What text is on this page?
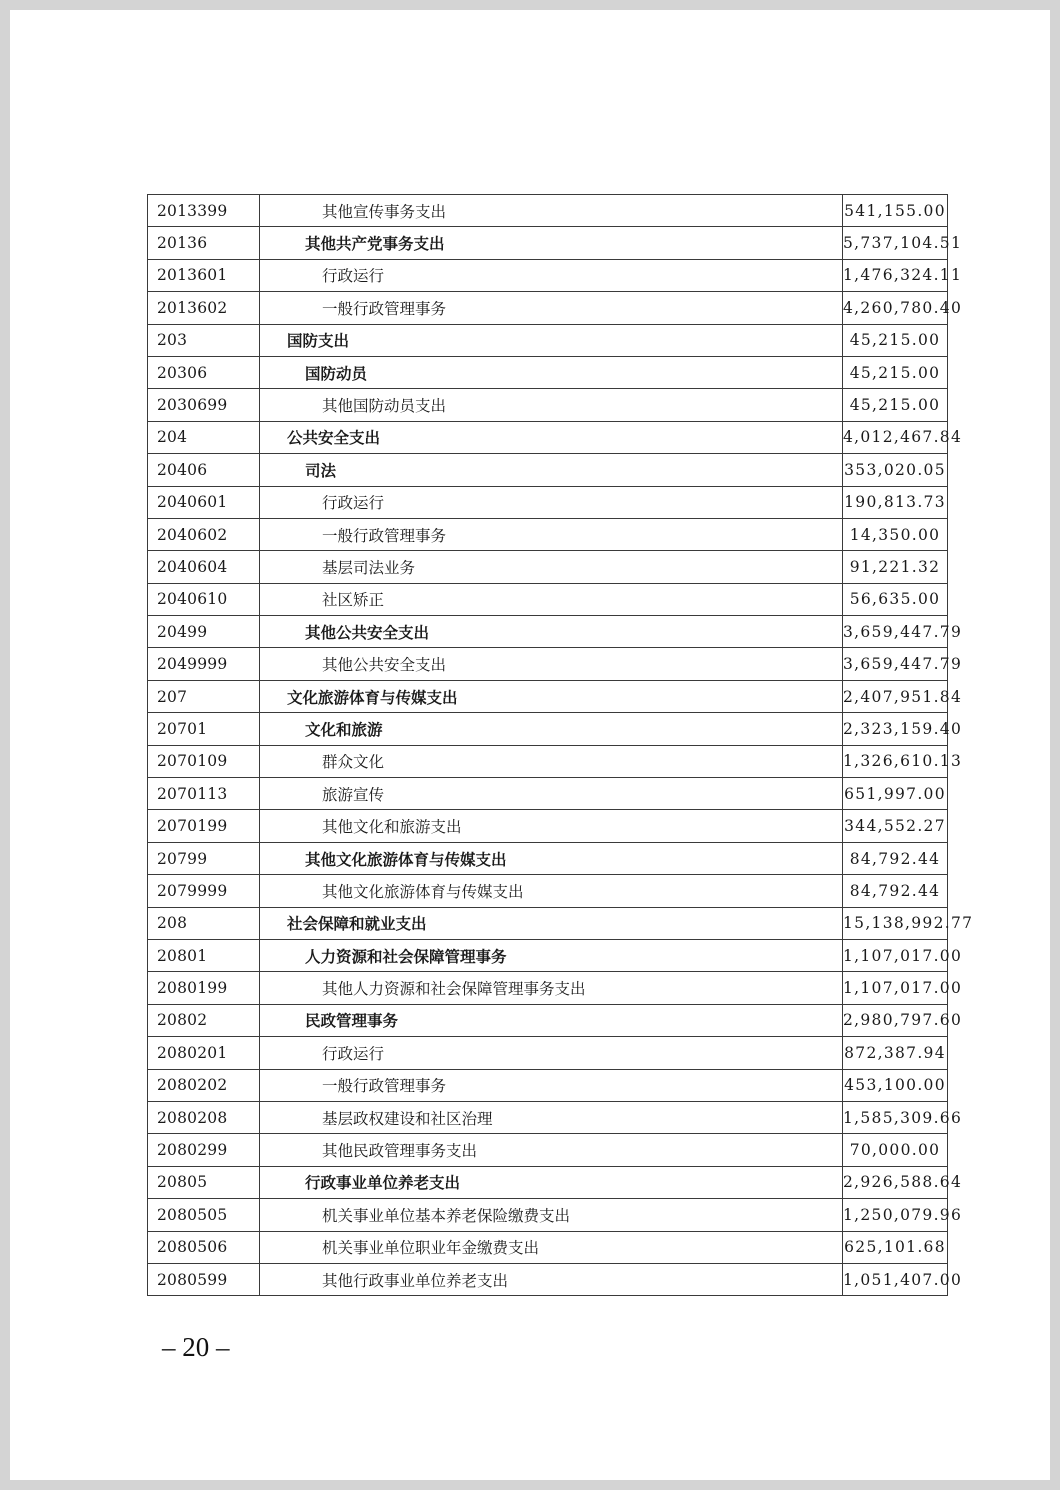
2013399	其他宣传事务支出	541,155.00
20136	其他共产党事务支出	5,737,104.51
2013601	行政运行	1,476,324.11
2013602	一般行政管理事务	4,260,780.40
203	国防支出	45,215.00
20306	国防动员	45,215.00
2030699	其他国防动员支出	45,215.00
204	公共安全支出	4,012,467.84
20406	司法	353,020.05
2040601	行政运行	190,813.73
2040602	一般行政管理事务	14,350.00
2040604	基层司法业务	91,221.32
2040610	社区矫正	56,635.00
20499	其他公共安全支出	3,659,447.79
2049999	其他公共安全支出	3,659,447.79
207	文化旅游体育与传媒支出	2,407,951.84
20701	文化和旅游	2,323,159.40
2070109	群众文化	1,326,610.13
2070113	旅游宣传	651,997.00
2070199	其他文化和旅游支出	344,552.27
20799	其他文化旅游体育与传媒支出	84,792.44
2079999	其他文化旅游体育与传媒支出	84,792.44
208	社会保障和就业支出	15,138,992.77
20801	人力资源和社会保障管理事务	1,107,017.00
2080199	其他人力资源和社会保障管理事务支出	1,107,017.00
20802	民政管理事务	2,980,797.60
2080201	行政运行	872,387.94
2080202	一般行政管理事务	453,100.00
2080208	基层政权建设和社区治理	1,585,309.66
2080299	其他民政管理事务支出	70,000.00
20805	行政事业单位养老支出	2,926,588.64
2080505	机关事业单位基本养老保险缴费支出	1,250,079.96
2080506	机关事业单位职业年金缴费支出	625,101.68
2080599	其他行政事业单位养老支出	1,051,407.00
– 20 –
